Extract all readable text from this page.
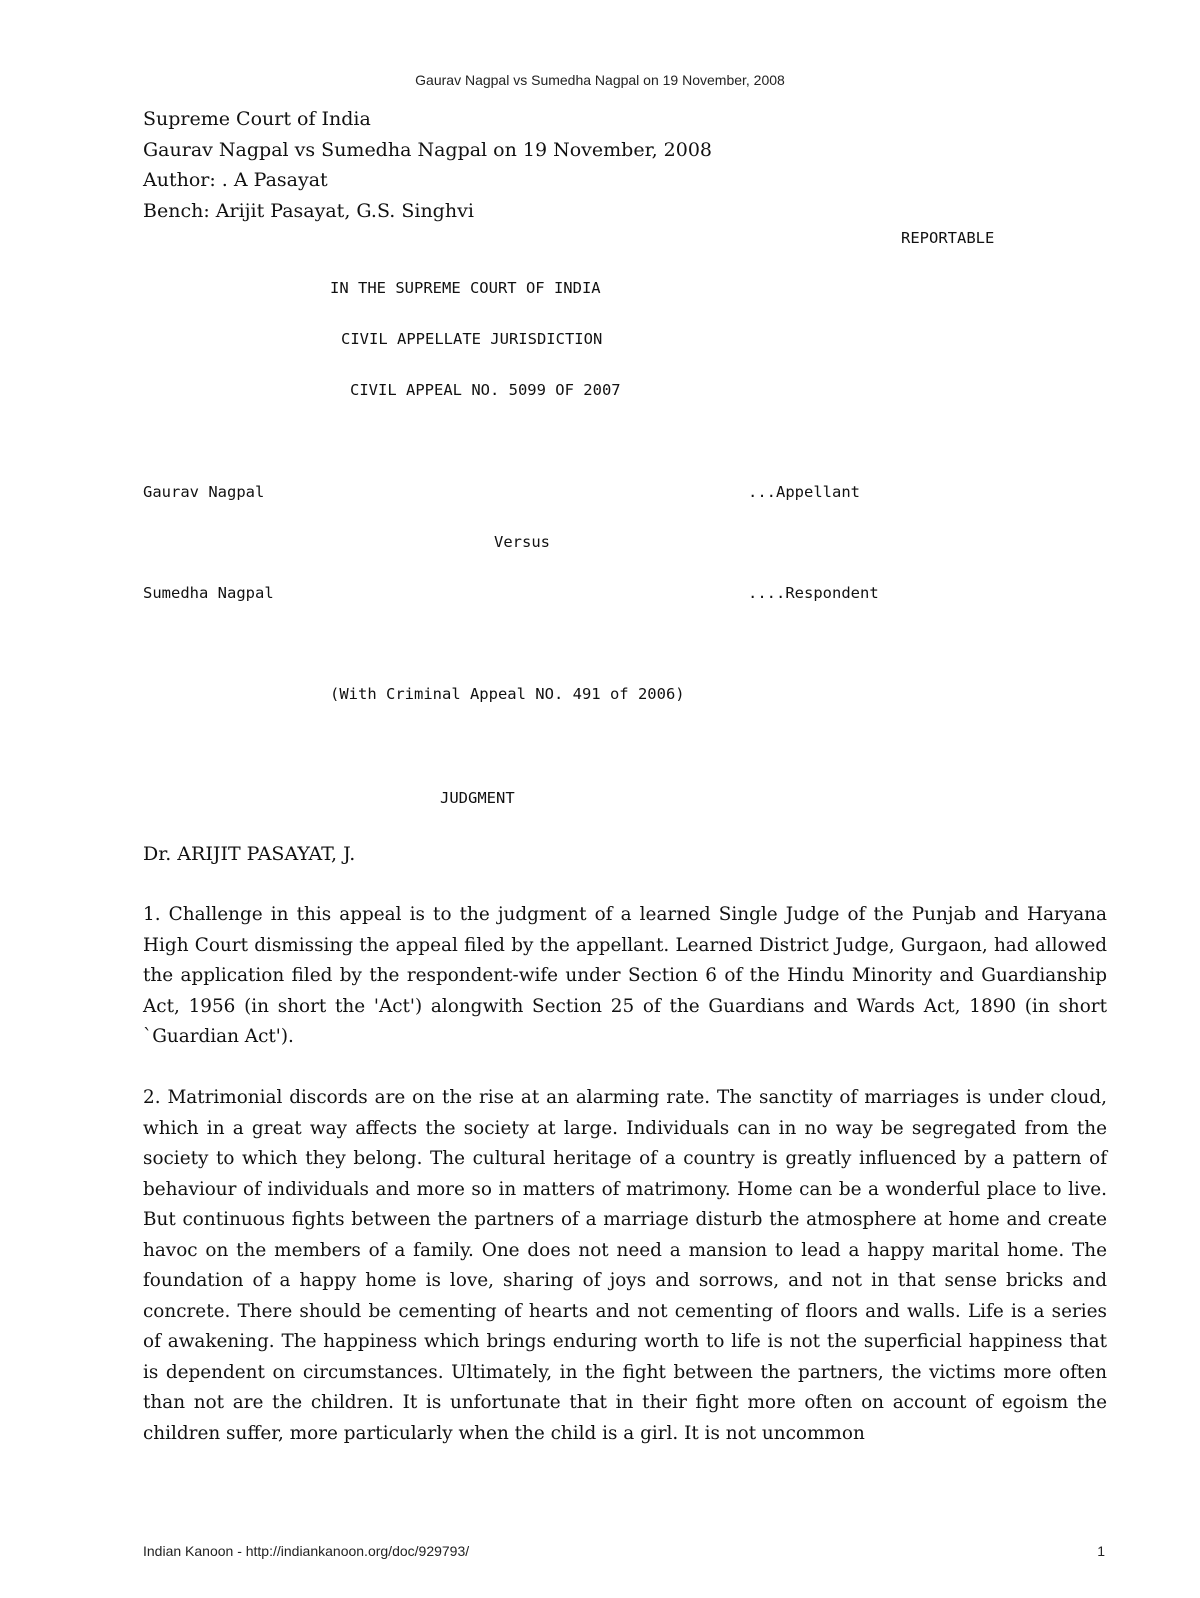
Gaurav Nagpal vs Sumedha Nagpal on 19 November, 2008
Supreme Court of India
Gaurav Nagpal vs Sumedha Nagpal on 19 November, 2008
Author: . A Pasayat
Bench: Arijit Pasayat, G.S. Singhvi
REPORTABLE
IN THE SUPREME COURT OF INDIA
CIVIL APPELLATE JURISDICTION
CIVIL APPEAL NO. 5099 OF 2007
Gaurav Nagpal	...Appellant
Versus
Sumedha Nagpal	....Respondent
(With Criminal Appeal NO. 491 of 2006)
JUDGMENT
Dr. ARIJIT PASAYAT, J.

1. Challenge in this appeal is to the judgment of a learned Single Judge of the Punjab and Haryana High Court dismissing the appeal filed by the appellant. Learned District Judge, Gurgaon, had allowed the application filed by the respondent-wife under Section 6 of the Hindu Minority and Guardianship Act, 1956 (in short the 'Act') alongwith Section 25 of the Guardians and Wards Act, 1890 (in short `Guardian Act').

2. Matrimonial discords are on the rise at an alarming rate. The sanctity of marriages is under cloud, which in a great way affects the society at large. Individuals can in no way be segregated from the society to which they belong. The cultural heritage of a country is greatly influenced by a pattern of behaviour of individuals and more so in matters of matrimony. Home can be a wonderful place to live. But continuous fights between the partners of a marriage disturb the atmosphere at home and create havoc on the members of a family. One does not need a mansion to lead a happy marital home. The foundation of a happy home is love, sharing of joys and sorrows, and not in that sense bricks and concrete. There should be cementing of hearts and not cementing of floors and walls. Life is a series of awakening. The happiness which brings enduring worth to life is not the superficial happiness that is dependent on circumstances. Ultimately, in the fight between the partners, the victims more often than not are the children. It is unfortunate that in their fight more often on account of egoism the children suffer, more particularly when the child is a girl. It is not uncommon

Indian Kanoon - http://indiankanoon.org/doc/929793/	1
